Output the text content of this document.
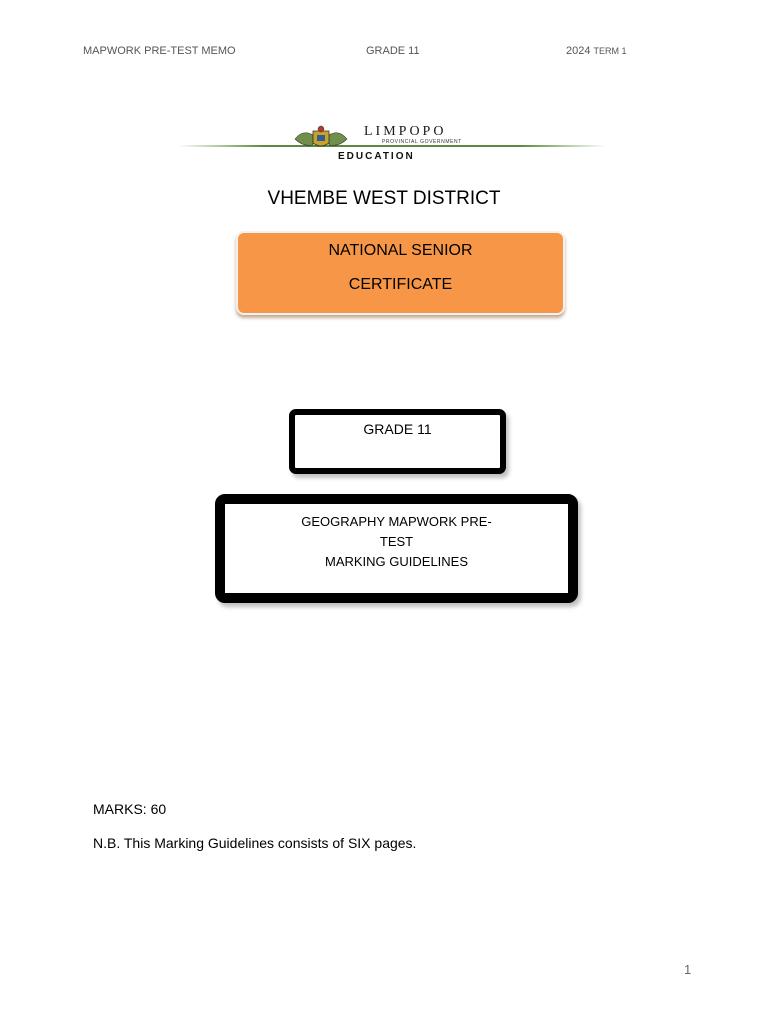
MAPWORK PRE-TEST MEMO	GRADE 11	2024 TERM 1
LIMPOPO
PROVINCIAL GOVERNMENT
EDUCATION
VHEMBE WEST DISTRICT
NATIONAL SENIOR
CERTIFICATE
GRADE 11
GEOGRAPHY MAPWORK PRE-
TEST
MARKING GUIDELINES
MARKS: 60
N.B. This Marking Guidelines consists of SIX pages.
1
